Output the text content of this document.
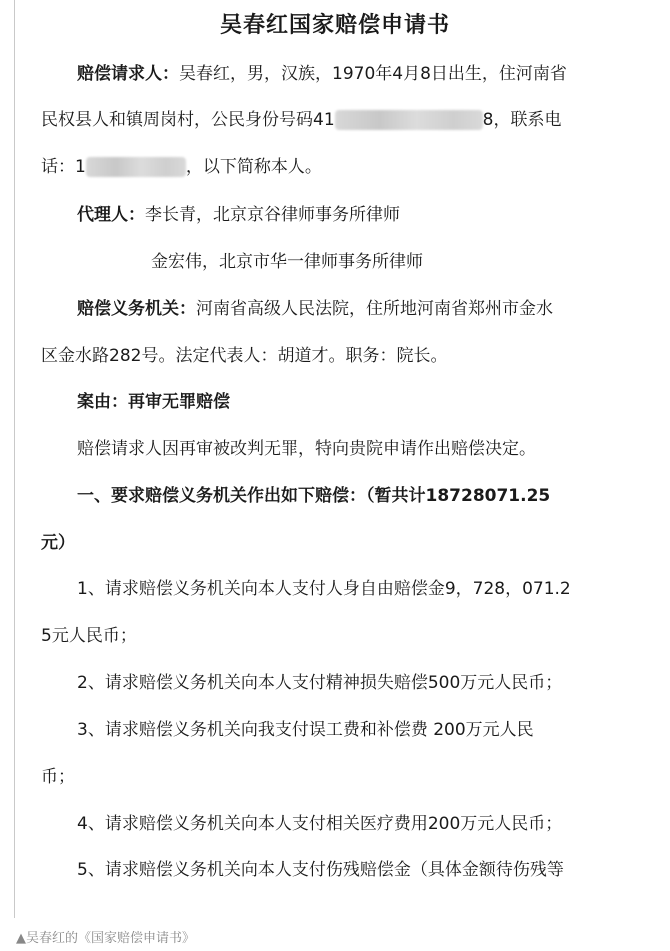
吴春红国家赔偿申请书
赔偿请求人：吴春红，男，汉族，1970年4月8日出生，住河南省
民权县人和镇周岗村，公民身份号码41	8，联系电
话：1	，以下简称本人。
代理人：李长青，北京京谷律师事务所律师
金宏伟，北京市华一律师事务所律师
赔偿义务机关：河南省高级人民法院，住所地河南省郑州市金水
区金水路282号。法定代表人：胡道才。职务：院长。
案由：再审无罪赔偿
赔偿请求人因再审被改判无罪，特向贵院申请作出赔偿决定。
一、要求赔偿义务机关作出如下赔偿：（暂共计18728071.25
元）
1、请求赔偿义务机关向本人支付人身自由赔偿金9，728，071.2
5元人民币；
2、请求赔偿义务机关向本人支付精神损失赔偿500万元人民币；
3、请求赔偿义务机关向我支付误工费和补偿费 200万元人民
币；
4、请求赔偿义务机关向本人支付相关医疗费用200万元人民币；
5、请求赔偿义务机关向本人支付伤残赔偿金（具体金额待伤残等
▲吴春红的《国家赔偿申请书》
